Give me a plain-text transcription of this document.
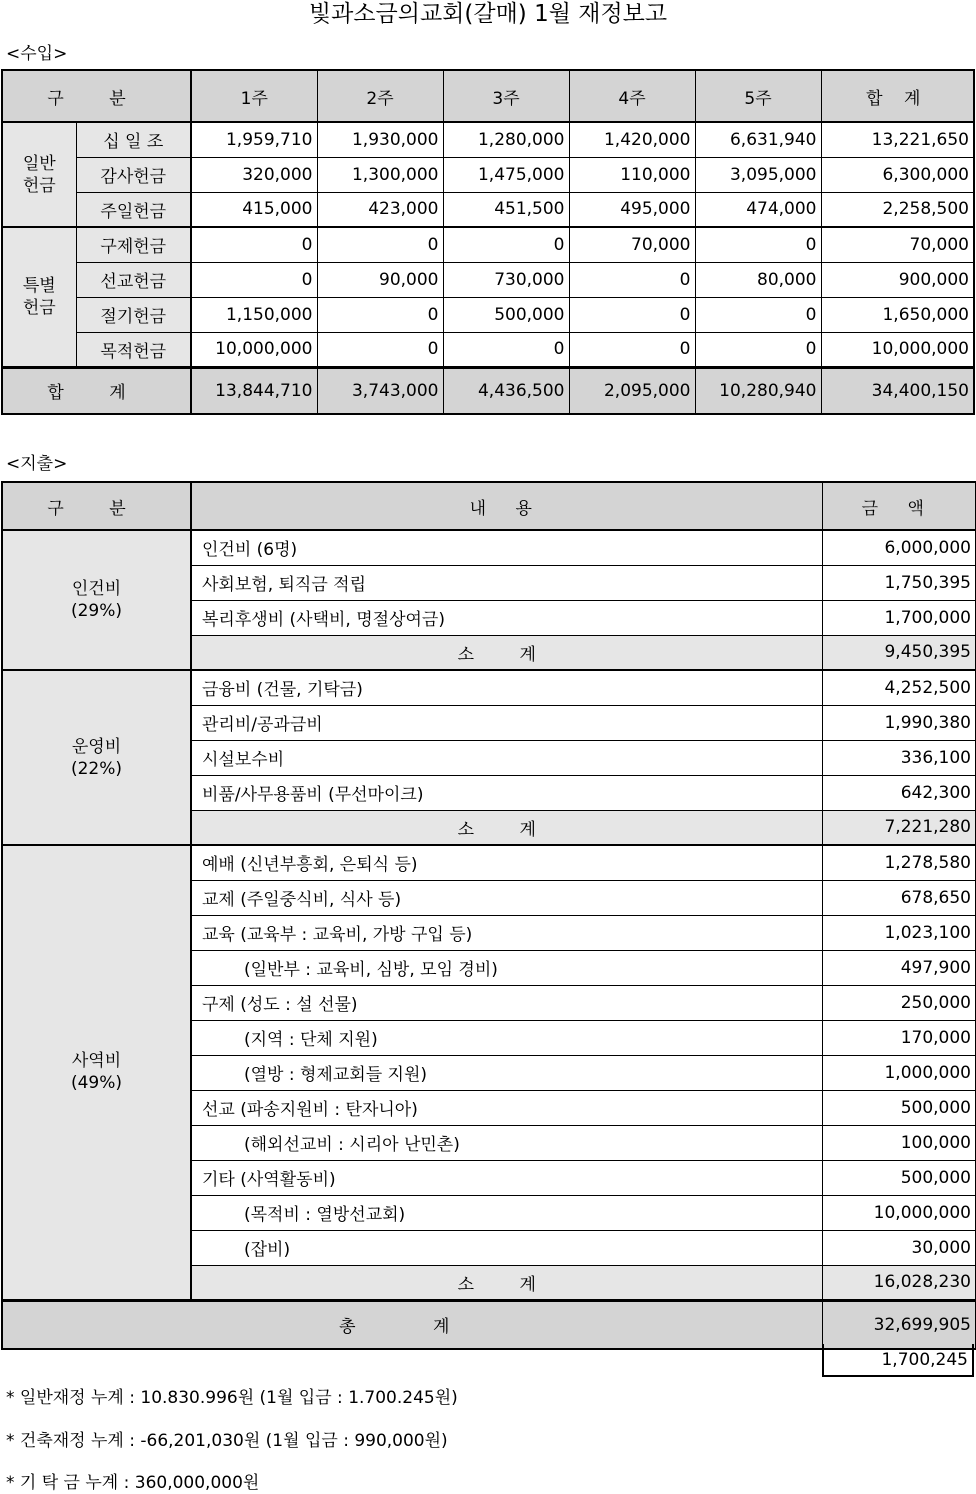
빛과소금의교회(갈매) 1월 재정보고
<수입>
구 분		1주	2주	3주	4주	5주	합 계

일반
헌금	십 일 조	1,959,710	1,930,000	1,280,000	1,420,000	6,631,940	13,221,650
	감사헌금	320,000	1,300,000	1,475,000	110,000	3,095,000	6,300,000
	주일헌금	415,000	423,000	451,500	495,000	474,000	2,258,500

특별
헌금	구제헌금	0	0	0	70,000	0	70,000
	선교헌금	0	90,000	730,000	0	80,000	900,000
	절기헌금	1,150,000	0	500,000	0	0	1,650,000
	목적헌금	10,000,000	0	0	0	0	10,000,000
합 계		13,844,710	3,743,000	4,436,500	2,095,000	10,280,940	34,400,150
<지출>
구 분	내 용	금 액

인건비
(29%)	인건비 (6명)	6,000,000
	사회보험, 퇴직금 적립	1,750,395
	복리후생비 (사택비, 명절상여금)	1,700,000
	소 계	9,450,395

운영비
(22%)	금융비 (건물, 기탁금)	4,252,500
	관리비/공과금비	1,990,380
	시설보수비	336,100
	비품/사무용품비 (무선마이크)	642,300
	소 계	7,221,280

사역비
(49%)	예배 (신년부흥회, 은퇴식 등)	1,278,580
	교제 (주일중식비, 식사 등)	678,650
	교육 (교육부 : 교육비, 가방 구입 등)	1,023,100
	(일반부 : 교육비, 심방, 모임 경비)	497,900
	구제 (성도 : 설 선물)	250,000
	(지역 : 단체 지원)	170,000
	(열방 : 형제교회들 지원)	1,000,000
	선교 (파송지원비 : 탄자니아)	500,000
	(해외선교비 : 시리아 난민촌)	100,000
	기타 (사역활동비)	500,000
	(목적비 : 열방선교회)	10,000,000
	(잡비)	30,000
	소 계	16,028,230
총 계		32,699,905
1,700,245
* 일반재정 누계 : 10.830.996원 (1월 입금 : 1.700.245원)
* 건축재정 누계 : -66,201,030원 (1월 입금 : 990,000원)
* 기 탁 금 누계 : 360,000,000원
